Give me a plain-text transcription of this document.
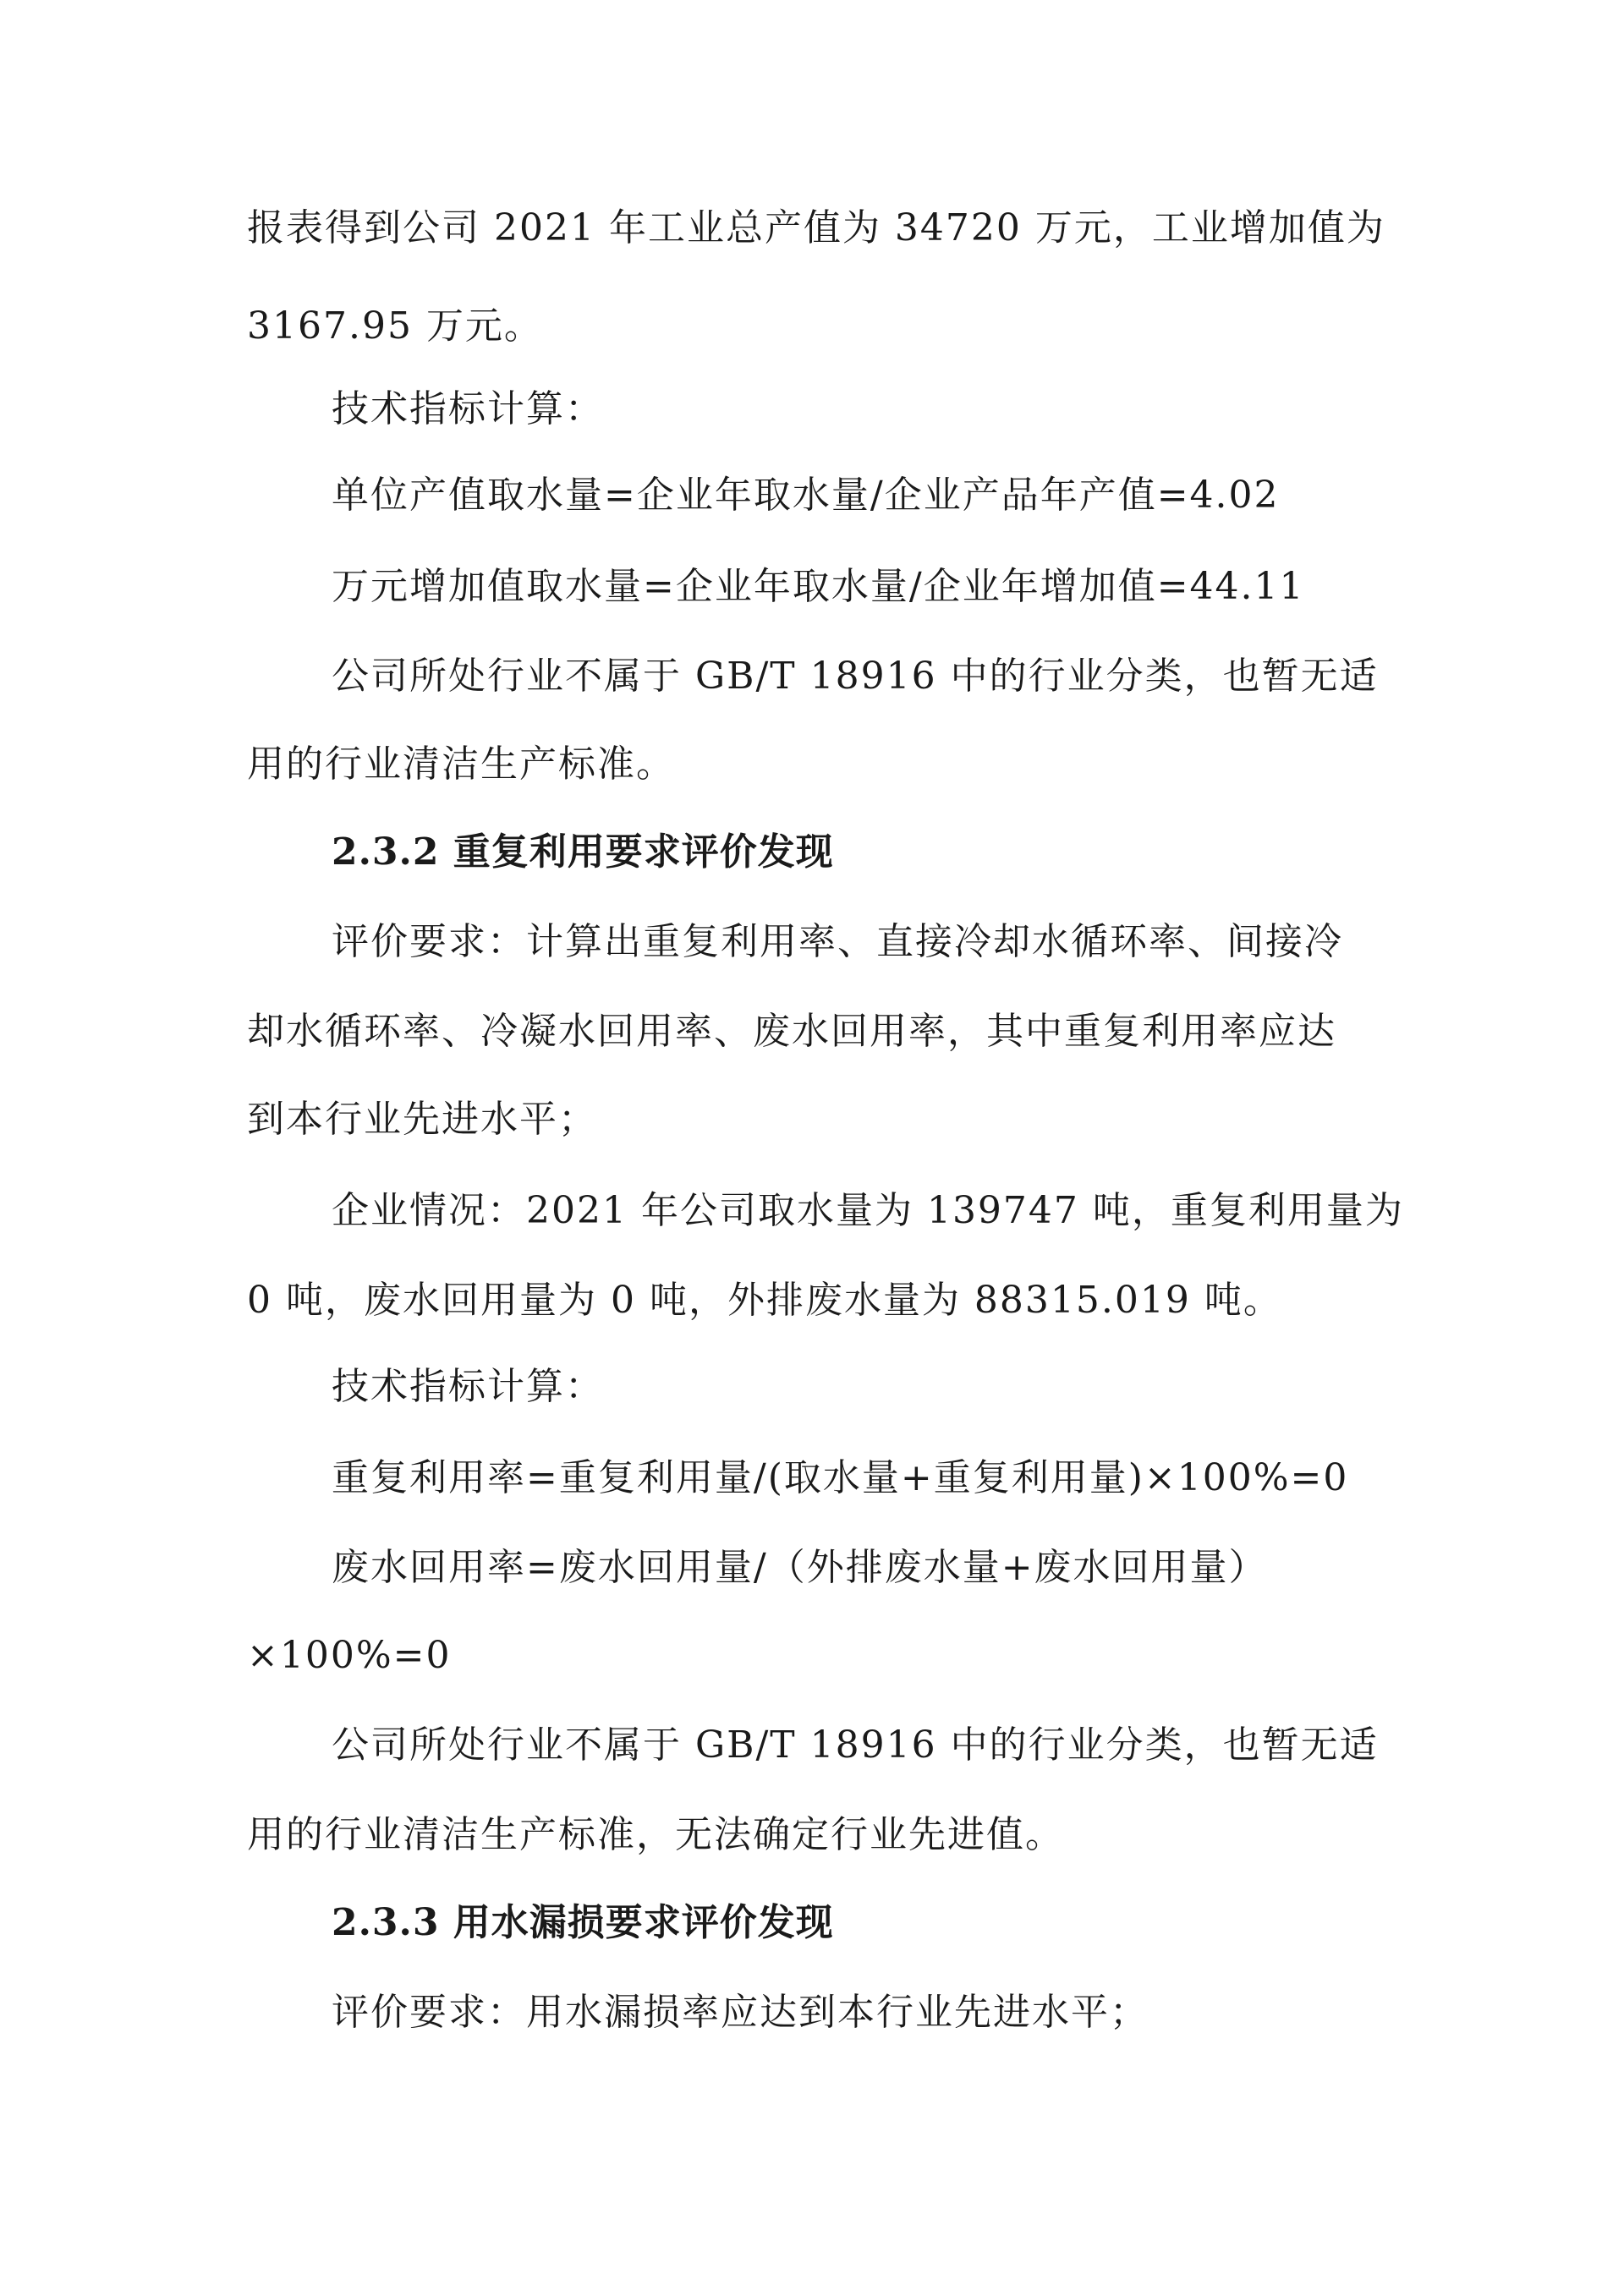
报表得到公司 2021 年工业总产值为 34720 万元，工业增加值为
3167.95 万元。
技术指标计算：
单位产值取水量=企业年取水量/企业产品年产值=4.02
万元增加值取水量=企业年取水量/企业年增加值=44.11
公司所处行业不属于 GB/T 18916 中的行业分类，也暂无适
用的行业清洁生产标准。
2.3.2 重复利用要求评价发现
评价要求：计算出重复利用率、直接冷却水循环率、间接冷
却水循环率、冷凝水回用率、废水回用率，其中重复利用率应达
到本行业先进水平；
企业情况：2021 年公司取水量为 139747 吨，重复利用量为
0 吨，废水回用量为 0 吨，外排废水量为 88315.019 吨。
技术指标计算：
重复利用率=重复利用量/(取水量+重复利用量)×100%=0
废水回用率=废水回用量/（外排废水量+废水回用量）
×100%=0
公司所处行业不属于 GB/T 18916 中的行业分类，也暂无适
用的行业清洁生产标准，无法确定行业先进值。
2.3.3 用水漏损要求评价发现
评价要求：用水漏损率应达到本行业先进水平；
